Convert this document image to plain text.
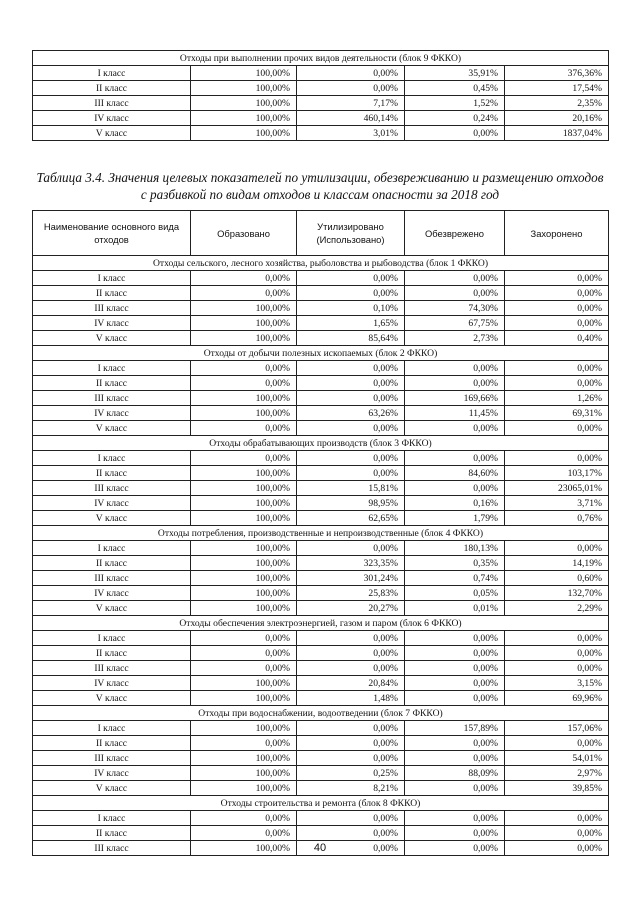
Отходы при выполнении прочих видов деятельности (блок 9 ФККО)				
I класс	100,00%	0,00%	35,91%	376,36%
II класс	100,00%	0,00%	0,45%	17,54%
III класс	100,00%	7,17%	1,52%	2,35%
IV класс	100,00%	460,14%	0,24%	20,16%
V класс	100,00%	3,01%	0,00%	1837,04%
Таблица 3.4. Значения целевых показателей по утилизации, обезвреживанию и размещению отходов
с разбивкой по видам отходов и классам опасности за 2018 год
Наименование основного вида отходов	Образовано	Утилизировано (Использовано)	Обезврежено	Захоронено
Отходы сельского, лесного хозяйства, рыболовства и рыбоводства (блок 1 ФККО)				
I класс	0,00%	0,00%	0,00%	0,00%
II класс	0,00%	0,00%	0,00%	0,00%
III класс	100,00%	0,10%	74,30%	0,00%
IV класс	100,00%	1,65%	67,75%	0,00%
V класс	100,00%	85,64%	2,73%	0,40%
Отходы от добычи полезных ископаемых (блок 2 ФККО)				
I класс	0,00%	0,00%	0,00%	0,00%
II класс	0,00%	0,00%	0,00%	0,00%
III класс	100,00%	0,00%	169,66%	1,26%
IV класс	100,00%	63,26%	11,45%	69,31%
V класс	0,00%	0,00%	0,00%	0,00%
Отходы обрабатывающих производств (блок 3 ФККО)				
I класс	0,00%	0,00%	0,00%	0,00%
II класс	100,00%	0,00%	84,60%	103,17%
III класс	100,00%	15,81%	0,00%	23065,01%
IV класс	100,00%	98,95%	0,16%	3,71%
V класс	100,00%	62,65%	1,79%	0,76%
Отходы потребления, производственные и непроизводственные (блок 4 ФККО)				
I класс	100,00%	0,00%	180,13%	0,00%
II класс	100,00%	323,35%	0,35%	14,19%
III класс	100,00%	301,24%	0,74%	0,60%
IV класс	100,00%	25,83%	0,05%	132,70%
V класс	100,00%	20,27%	0,01%	2,29%
Отходы обеспечения электроэнергией, газом и паром (блок 6 ФККО)				
I класс	0,00%	0,00%	0,00%	0,00%
II класс	0,00%	0,00%	0,00%	0,00%
III класс	0,00%	0,00%	0,00%	0,00%
IV класс	100,00%	20,84%	0,00%	3,15%
V класс	100,00%	1,48%	0,00%	69,96%
Отходы при водоснабжении, водоотведении (блок 7 ФККО)				
I класс	100,00%	0,00%	157,89%	157,06%
II класс	0,00%	0,00%	0,00%	0,00%
III класс	100,00%	0,00%	0,00%	54,01%
IV класс	100,00%	0,25%	88,09%	2,97%
V класс	100,00%	8,21%	0,00%	39,85%
Отходы строительства и ремонта (блок 8 ФККО)				
I класс	0,00%	0,00%	0,00%	0,00%
II класс	0,00%	0,00%	0,00%	0,00%
III класс	100,00%	0,00%	0,00%	0,00%
40
